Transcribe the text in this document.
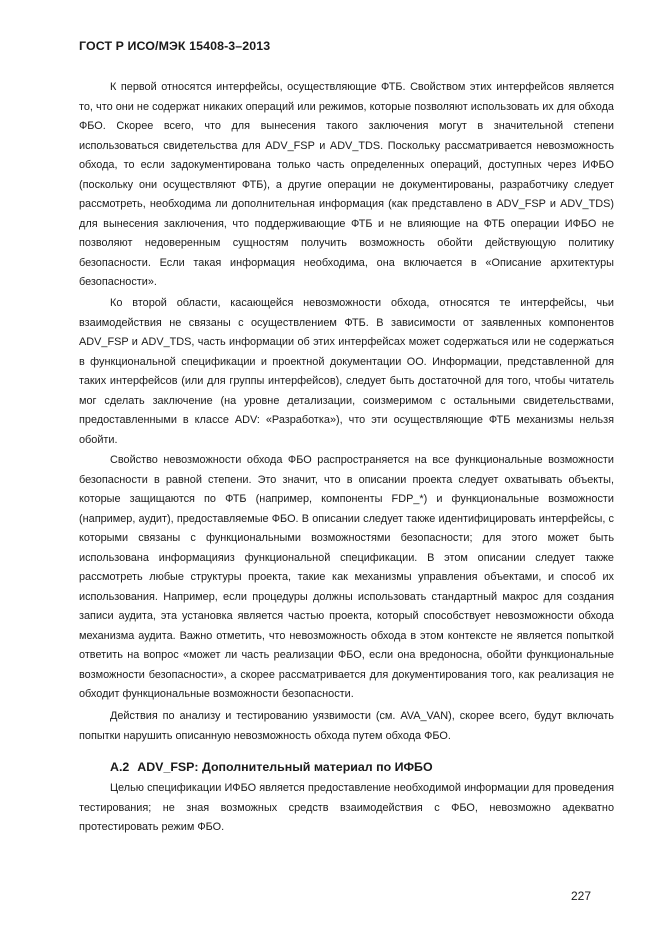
ГОСТ Р ИСО/МЭК 15408-3–2013

К первой относятся интерфейсы, осуществляющие ФТБ. Свойством этих интерфейсов является то, что они не содержат никаких операций или режимов, которые позволяют использовать их для обхода ФБО. Скорее всего, что для вынесения такого заключения могут в значительной степени использоваться свидетельства для ADV_FSP и ADV_TDS. Поскольку рассматривается невозможность обхода, то если задокументирована только часть определенных операций, доступных через ИФБО (поскольку они осуществляют ФТБ), а другие операции не документированы, разработчику следует рассмотреть, необходима ли дополнительная информация (как представлено в ADV_FSP и ADV_TDS) для вынесения заключения, что поддерживающие ФТБ и не влияющие на ФТБ операции ИФБО не позволяют недоверенным сущностям получить возможность обойти действующую политику безопасности. Если такая информация необходима, она включается в «Описание архитектуры безопасности».

Ко второй области, касающейся невозможности обхода, относятся те интерфейсы, чьи взаимодействия не связаны с осуществлением ФТБ. В зависимости от заявленных компонентов ADV_FSP и ADV_TDS, часть информации об этих интерфейсах может содержаться или не содержаться в функциональной спецификации и проектной документации ОО. Информации, представленной для таких интерфейсов (или для группы интерфейсов), следует быть достаточной для того, чтобы читатель мог сделать заключение (на уровне детализации, соизмеримом с остальными свидетельствами, предоставленными в классе ADV: «Разработка»), что эти осуществляющие ФТБ механизмы нельзя обойти.

Свойство невозможности обхода ФБО распространяется на все функциональные возможности безопасности в равной степени. Это значит, что в описании проекта следует охватывать объекты, которые защищаются по ФТБ (например, компоненты FDP_*) и функциональные возможности (например, аудит), предоставляемые ФБО. В описании следует также идентифицировать интерфейсы, с которыми связаны с функциональными возможностями безопасности; для этого может быть использована информацияиз функциональной спецификации. В этом описании следует также рассмотреть любые структуры проекта, такие как механизмы управления объектами, и способ их использования. Например, если процедуры должны использовать стандартный макрос для создания записи аудита, эта установка является частью проекта, который способствует невозможности обхода механизма аудита. Важно отметить, что невозможность обхода в этом контексте не является попыткой ответить на вопрос «может ли часть реализации ФБО, если она вредоносна, обойти функциональные возможности безопасности», а скорее рассматривается для документирования того, как реализация не обходит функциональные возможности безопасности.

Действия по анализу и тестированию уязвимости (см. AVA_VAN), скорее всего, будут включать попытки нарушить описанную невозможность обхода путем обхода ФБО.

A.2 ADV_FSP: Дополнительный материал по ИФБО

Целью спецификации ИФБО является предоставление необходимой информации для проведения тестирования; не зная возможных средств взаимодействия с ФБО, невозможно адекватно протестировать режим ФБО.

227
